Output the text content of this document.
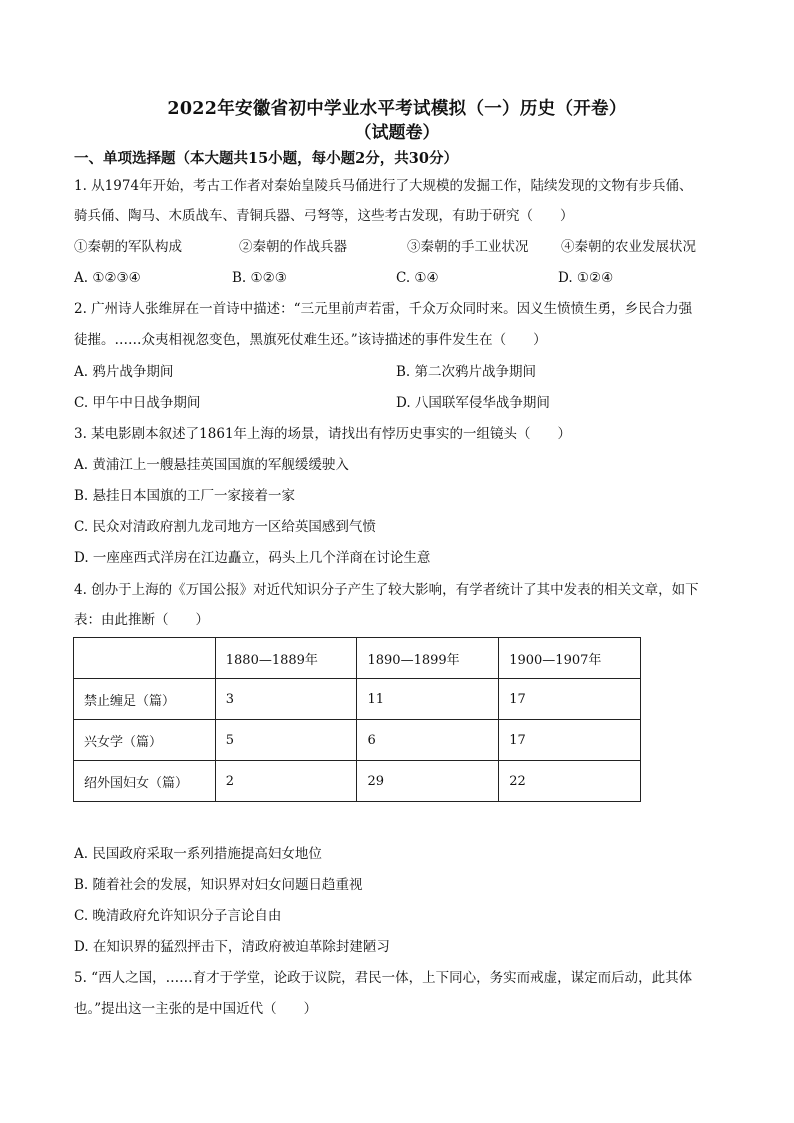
2022年安徽省初中学业水平考试模拟（一）历史（开卷）
（试题卷）
一、单项选择题（本大题共15小题，每小题2分，共30分）
1. 从1974年开始，考古工作者对秦始皇陵兵马俑进行了大规模的发掘工作，陆续发现的文物有步兵俑、
骑兵俑、陶马、木质战车、青铜兵器、弓弩等，这些考古发现，有助于研究（　　）
①秦朝的军队构成	②秦朝的作战兵器	③秦朝的手工业状况 ④秦朝的农业发展状况
A. ①②③④	B. ①②③	C. ①④	D. ①②④
2. 广州诗人张维屏在一首诗中描述：“三元里前声若雷，千众万众同时来。因义生愤愤生勇，乡民合力强
徒摧。……众夷相视忽变色，黑旗死仗难生还。”该诗描述的事件发生在（　　）
A. 鸦片战争期间	B. 第二次鸦片战争期间
C. 甲午中日战争期间	D. 八国联军侵华战争期间
3. 某电影剧本叙述了1861年上海的场景，请找出有悖历史事实的一组镜头（　　）
A. 黄浦江上一艘悬挂英国国旗的军舰缓缓驶入
B. 悬挂日本国旗的工厂一家接着一家
C. 民众对清政府割九龙司地方一区给英国感到气愤
D. 一座座西式洋房在江边矗立，码头上几个洋商在讨论生意
4. 创办于上海的《万国公报》对近代知识分子产生了较大影响，有学者统计了其中发表的相关文章，如下
表：由此推断（　　）
	1880—1889年	1890—1899年	1900—1907年
禁止缠足（篇）	3	11	17
兴女学（篇）	5	6	17
绍外国妇女（篇）	2	29	22
A. 民国政府采取一系列措施提高妇女地位
B. 随着社会的发展，知识界对妇女问题日趋重视
C. 晚清政府允许知识分子言论自由
D. 在知识界的猛烈抨击下，清政府被迫革除封建陋习
5. “西人之国，……育才于学堂，论政于议院，君民一体，上下同心，务实而戒虚，谋定而后动，此其体
也。”提出这一主张的是中国近代（　　）
